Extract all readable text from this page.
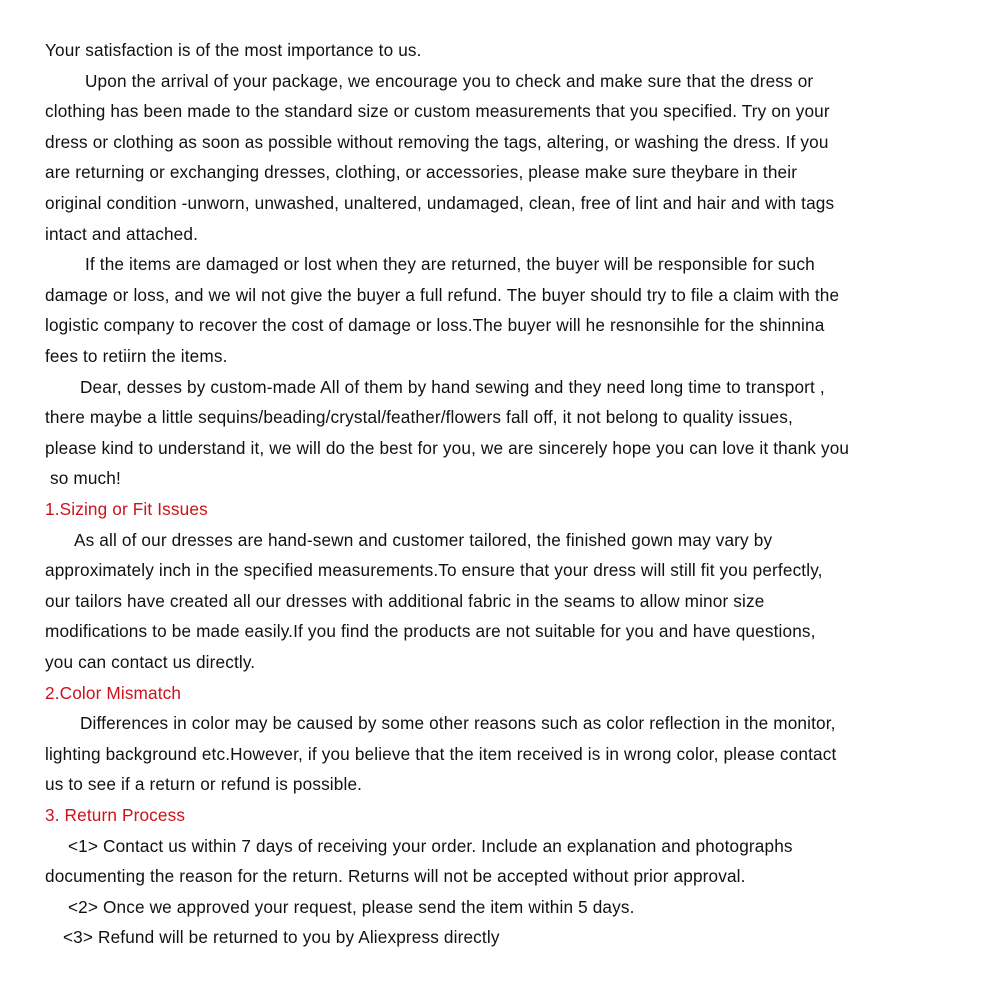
Your satisfaction is of the most importance to us.
Upon the arrival of your package, we encourage you to check and make sure that the dress or
clothing has been made to the standard size or custom measurements that you specified. Try on your
dress or clothing as soon as possible without removing the tags, altering, or washing the dress. If you
are returning or exchanging dresses, clothing, or accessories, please make sure theybare in their
original condition -unworn, unwashed, unaltered, undamaged, clean, free of lint and hair and with tags
intact and attached.
If the items are damaged or lost when they are returned, the buyer will be responsible for such
damage or loss, and we wil not give the buyer a full refund. The buyer should try to file a claim with the
logistic company to recover the cost of damage or loss.The buyer will he resnonsihle for the shinnina
fees to retiirn the items.
Dear, desses by custom-made All of them by hand sewing and they need long time to transport ,
there maybe a little sequins/beading/crystal/feather/flowers fall off, it not belong to quality issues,
please kind to understand it, we will do the best for you, we are sincerely hope you can love it thank you
so much!
1.Sizing or Fit Issues
As all of our dresses are hand-sewn and customer tailored, the finished gown may vary by
approximately inch in the specified measurements.To ensure that your dress will still fit you perfectly,
our tailors have created all our dresses with additional fabric in the seams to allow minor size
modifications to be made easily.If you find the products are not suitable for you and have questions,
you can contact us directly.
2.Color Mismatch
Differences in color may be caused by some other reasons such as color reflection in the monitor,
lighting background etc.However, if you believe that the item received is in wrong color, please contact
us to see if a return or refund is possible.
3. Return Process
<1> Contact us within 7 days of receiving your order. Include an explanation and photographs
documenting the reason for the return. Returns will not be accepted without prior approval.
<2> Once we approved your request, please send the item within 5 days.
<3> Refund will be returned to you by Aliexpress directly
